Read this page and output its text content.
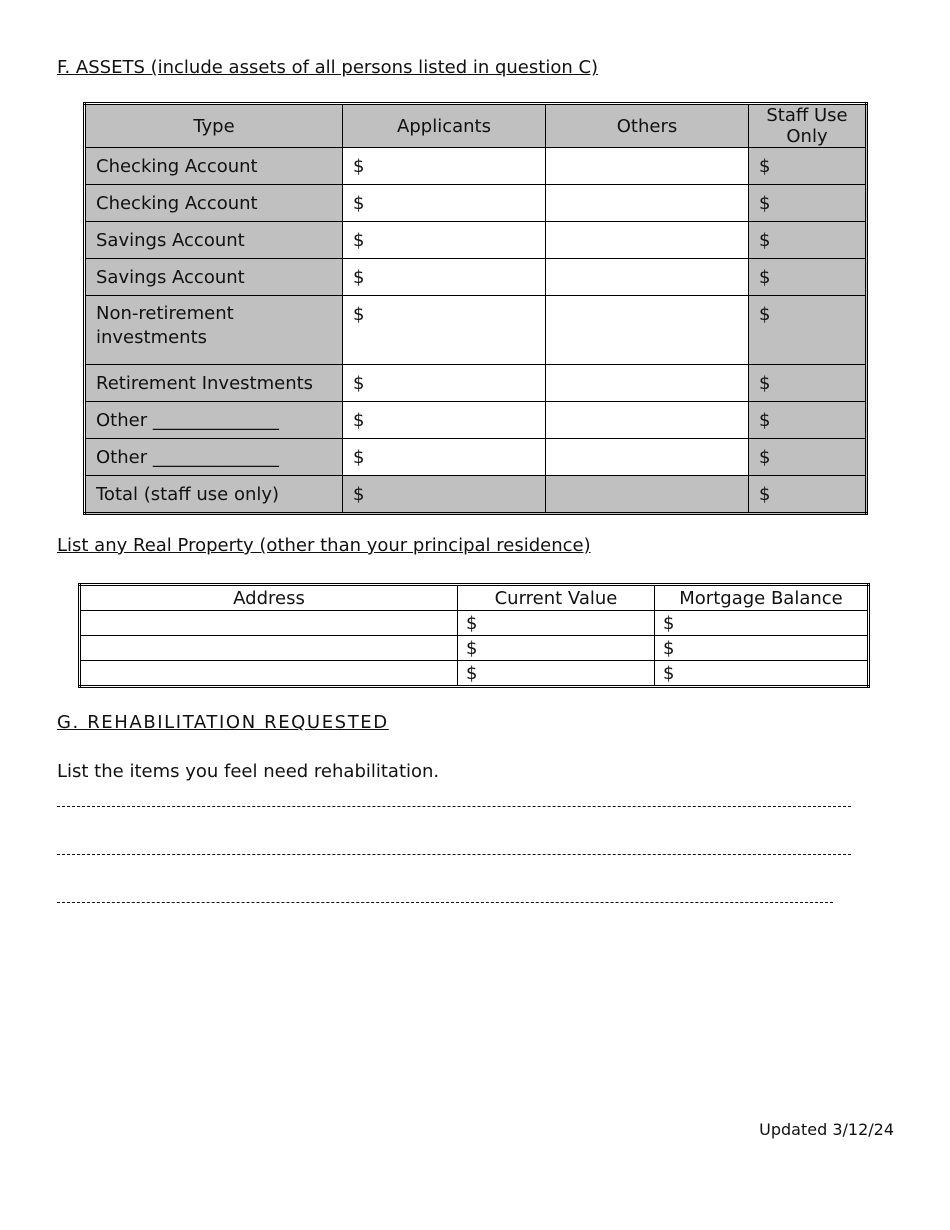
F. ASSETS (include assets of all persons listed in question C)
Type	Applicants	Others	Staff Use Only
Checking Account	$		$
Checking Account	$		$
Savings Account	$		$
Savings Account	$		$

Non-retirement
investments	$		$
Retirement Investments	$		$
Other ______________	$		$
Other ______________	$		$
Total (staff use only)	$		$
List any Real Property (other than your principal residence)
Address	Current Value	Mortgage Balance
	$	$
	$	$
	$	$
G. REHABILITATION REQUESTED
List the items you feel need rehabilitation.
Updated 3/12/24
